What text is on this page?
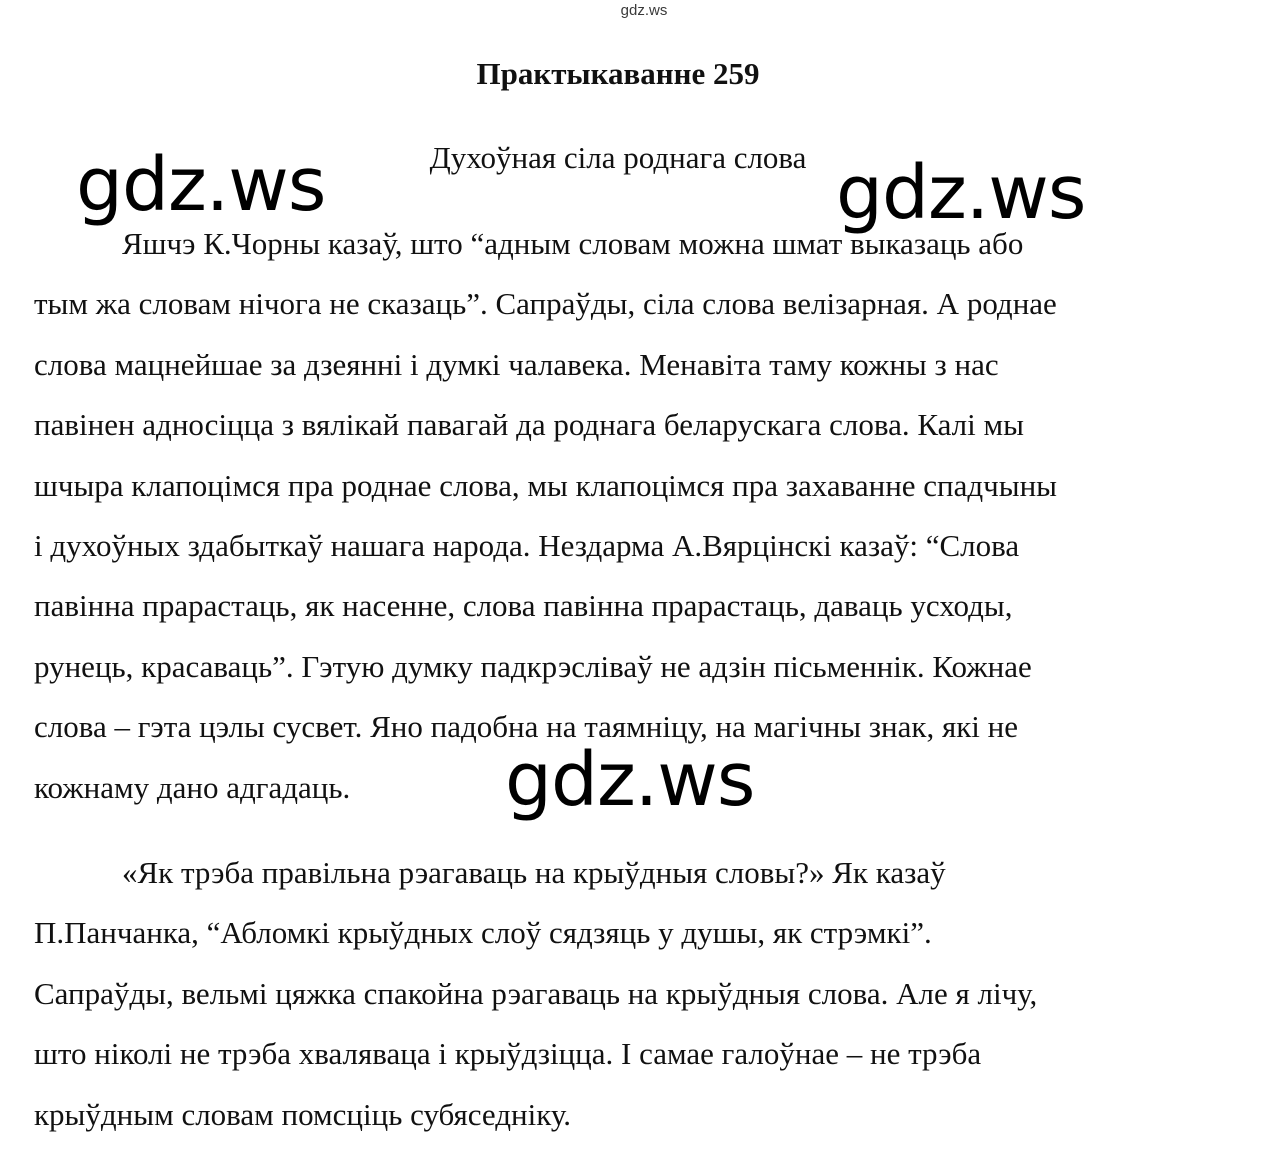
gdz.ws
Практыкаванне 259
Духоўная сіла роднага слова

Яшчэ К.Чорны казаў, што “адным словам можна шмат выказаць або
тым жа словам нічога не сказаць”. Сапраўды, сіла слова велізарная. А роднае
слова мацнейшае за дзеянні і думкі чалавека. Менавіта таму кожны з нас
павінен адносіцца з вялікай павагай да роднага беларускага слова. Калі мы
шчыра клапоцімся пра роднае слова, мы клапоцімся пра захаванне спадчыны
і духоўных здабыткаў нашага народа. Нездарма А.Вярцінскі казаў: “Слова
павінна прарастаць, як насенне, слова павінна прарастаць, даваць усходы,
рунець, красаваць”. Гэтую думку падкрэсліваў не адзін пісьменнік. Кожнае
слова – гэта цэлы сусвет. Яно падобна на таямніцу, на магічны знак, які не
кожнаму дано адгадаць.

«Як трэба правільна рэагаваць на крыўдныя словы?» Як казаў
П.Панчанка, “Абломкі крыўдных слоў сядзяць у душы, як стрэмкі”.
Сапраўды, вельмі цяжка спакойна рэагаваць на крыўдныя слова. Але я лічу,
што ніколі не трэба хваляваца і крыўдзіцца. І самае галоўнае – не трэба
крыўдным словам помсціць субяседніку.

gdz.ws	gdz.ws
gdz.ws
